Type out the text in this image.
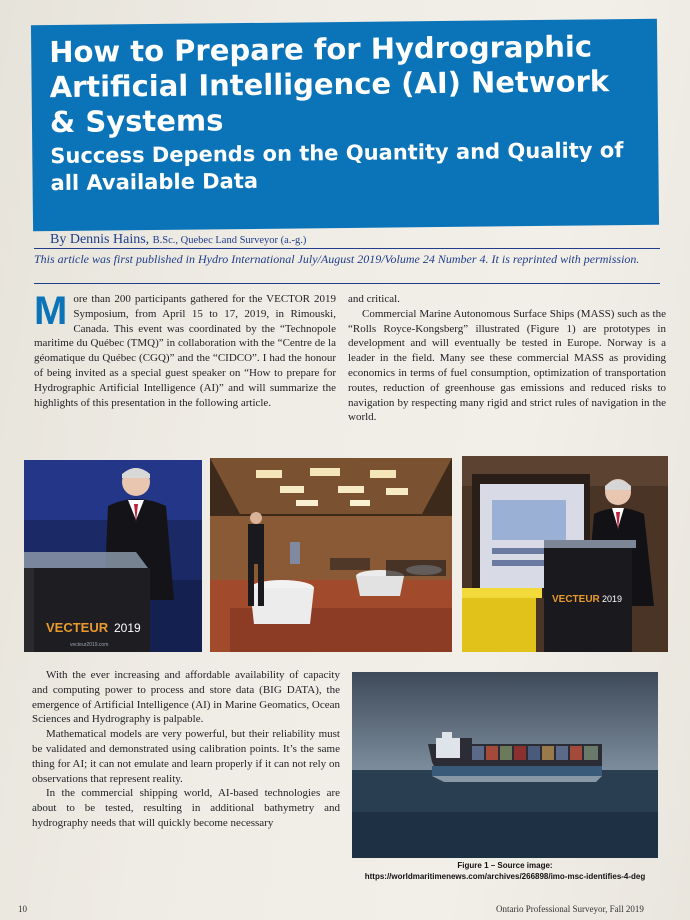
How to Prepare for Hydrographic Artificial Intelligence (AI) Network & Systems
Success Depends on the Quantity and Quality of all Available Data
By Dennis Hains, B.Sc., Quebec Land Surveyor (a.-g.)
This article was first published in Hydro International July/August 2019/Volume 24 Number 4. It is reprinted with permission.
M ore than 200 participants gathered for the VECTOR 2019 Symposium, from April 15 to 17, 2019, in Rimouski, Canada. This event was coordinated by the “Technopole maritime du Québec (TMQ)” in collaboration with the “Centre de la géomatique du Québec (CGQ)” and the “CIDCO”. I had the honour of being invited as a special guest speaker on “How to prepare for Hydrographic Artificial Intelligence (AI)” and will summarize the highlights of this presentation in the following article.

and critical.

Commercial Marine Autonomous Surface Ships (MASS) such as the “Rolls Royce-Kongsberg” illustrated (Figure 1) are prototypes in development and will eventually be tested in Europe. Norway is a leader in the field. Many see these commercial MASS as providing economics in terms of fuel consumption, optimization of transportation routes, reduction of greenhouse gas emissions and reduced risks to navigation by respecting many rigid and strict rules of navigation in the world.

VECTEUR 2019
vecteur2019.com
VECTEUR 2019

With the ever increasing and affordable availability of capacity and computing power to process and store data (BIG DATA), the emergence of Artificial Intelligence (AI) in Marine Geomatics, Ocean Sciences and Hydrography is palpable.

Mathematical models are very powerful, but their reliability must be validated and demonstrated using calibration points. It’s the same thing for AI; it can not emulate and learn properly if it can not rely on observations that represent reality.

In the commercial shipping world, AI-based technologies are about to be tested, resulting in additional bathymetry and hydrography needs that will quickly become necessary

Figure 1 – Source image:
https://worldmaritimenews.com/archives/266898/imo-msc-identifies-4-deg
10	Ontario Professional Surveyor, Fall 2019
